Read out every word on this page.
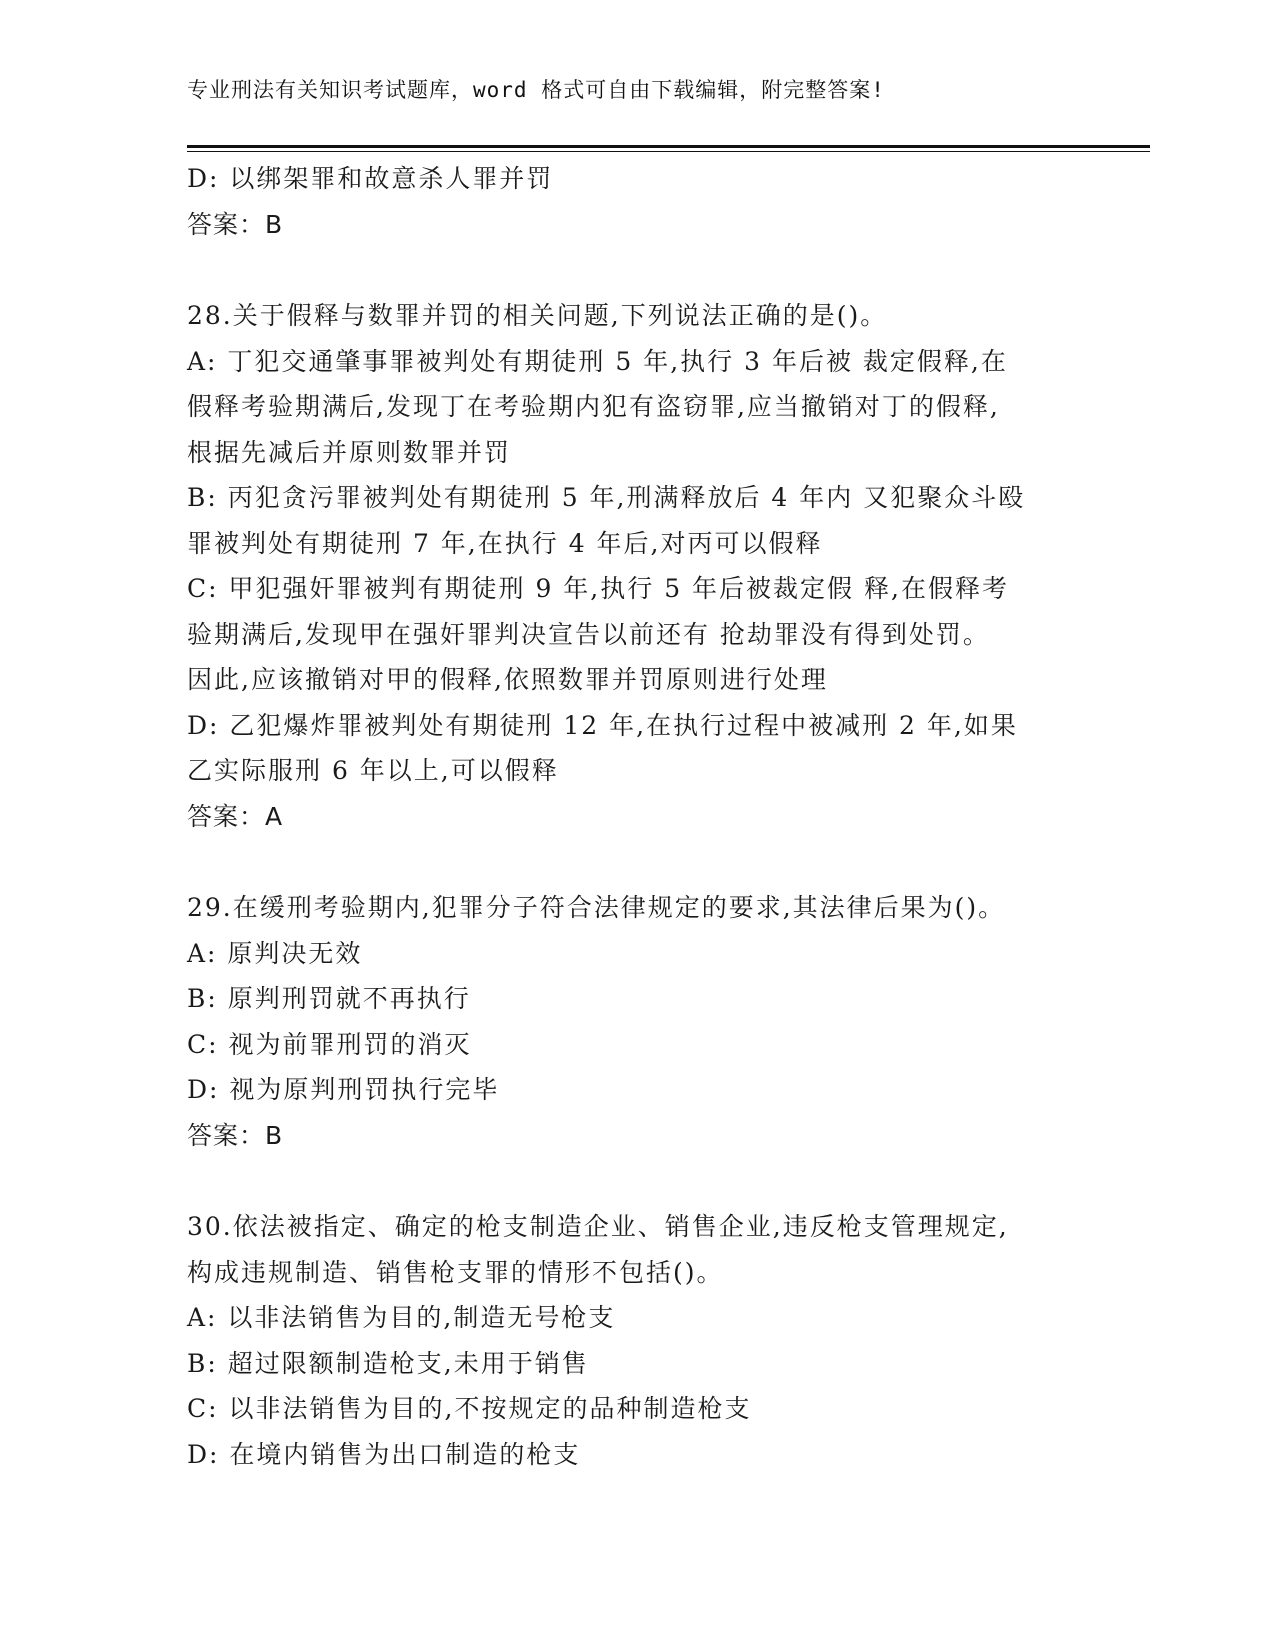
专业刑法有关知识考试题库，word 格式可自由下载编辑，附完整答案!
D: 以绑架罪和故意杀人罪并罚
答案：B
28.关于假释与数罪并罚的相关问题,下列说法正确的是()。
A: 丁犯交通肇事罪被判处有期徒刑 5 年,执行 3 年后被 裁定假释,在
假释考验期满后,发现丁在考验期内犯有盗窃罪,应当撤销对丁的假释,
根据先减后并原则数罪并罚
B: 丙犯贪污罪被判处有期徒刑 5 年,刑满释放后 4 年内 又犯聚众斗殴
罪被判处有期徒刑 7 年,在执行 4 年后,对丙可以假释
C: 甲犯强奸罪被判有期徒刑 9 年,执行 5 年后被裁定假 释,在假释考
验期满后,发现甲在强奸罪判决宣告以前还有 抢劫罪没有得到处罚。
因此,应该撤销对甲的假释,依照数罪并罚原则进行处理
D: 乙犯爆炸罪被判处有期徒刑 12 年,在执行过程中被减刑 2 年,如果
乙实际服刑 6 年以上,可以假释
答案：A
29.在缓刑考验期内,犯罪分子符合法律规定的要求,其法律后果为()。
A: 原判决无效
B: 原判刑罚就不再执行
C: 视为前罪刑罚的消灭
D: 视为原判刑罚执行完毕
答案：B
30.依法被指定、确定的枪支制造企业、销售企业,违反枪支管理规定,
构成违规制造、销售枪支罪的情形不包括()。
A: 以非法销售为目的,制造无号枪支
B: 超过限额制造枪支,未用于销售
C: 以非法销售为目的,不按规定的品种制造枪支
D: 在境内销售为出口制造的枪支
